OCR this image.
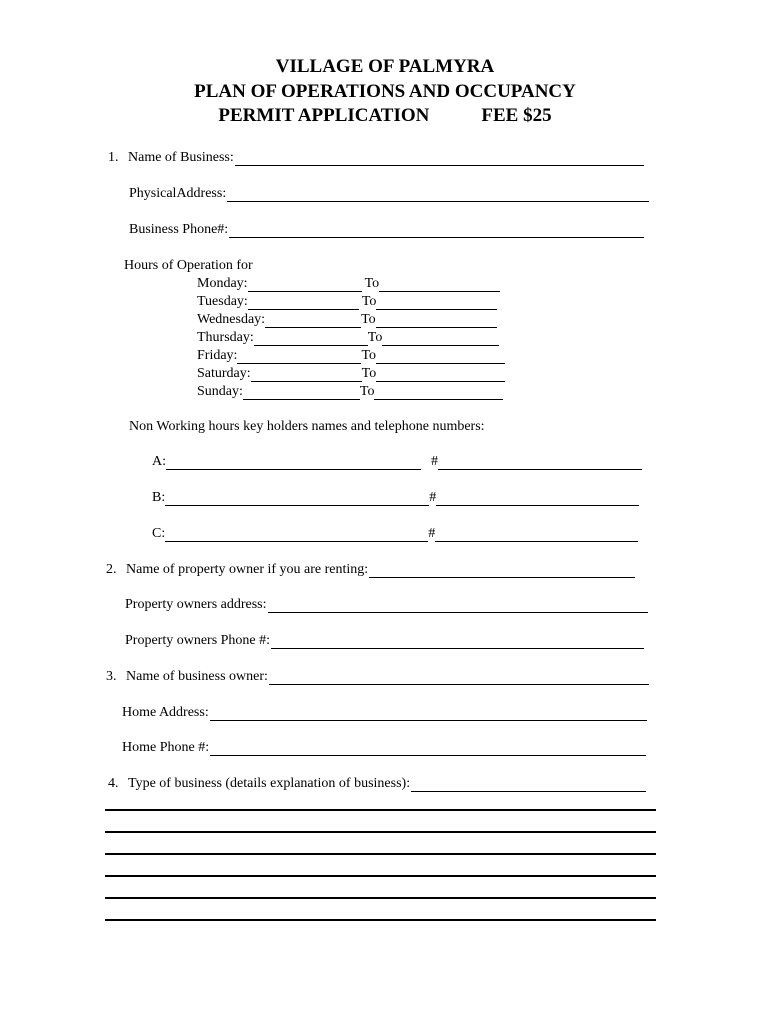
VILLAGE OF PALMYRA
PLAN OF OPERATIONS AND OCCUPANCY
PERMIT APPLICATION	FEE $25
1. Name of Business:
PhysicalAddress:
Business Phone#:
Hours of Operation for
Monday:	To
Tuesday:	To
Wednesday:	To
Thursday:	To
Friday:	To
Saturday:	To
Sunday:	To
Non Working hours key holders names and telephone numbers:
A:	#
B:	#
C:	#
2. Name of property owner if you are renting:
Property owners address:
Property owners Phone #:
3. Name of business owner:
Home Address:
Home Phone #:
4. Type of business (details explanation of business):
